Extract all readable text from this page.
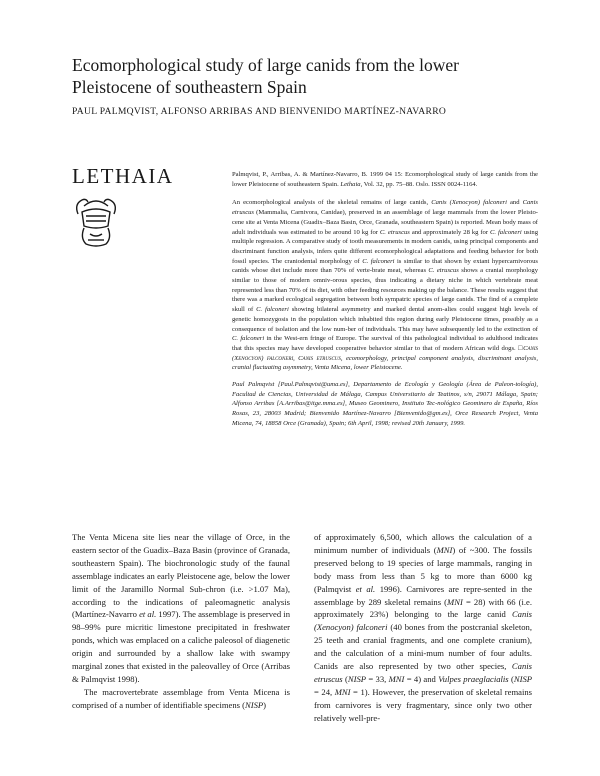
Ecomorphological study of large canids from the lower Pleistocene of southeastern Spain
PAUL PALMQVIST, ALFONSO ARRIBAS AND BIENVENIDO MARTÍNEZ-NAVARRO
LETHAIA	Palmqvist, P., Arribas, A. & Martínez-Navarro, B. 1999 04 15: Ecomorphological study of large canids from the lower Pleistocene of southeastern Spain. Lethaia, Vol. 32, pp. 75–88. Oslo. ISSN 0024-1164.

An ecomorphological analysis of the skeletal remains of large canids, Canis (Xenocyon) falconeri and Canis etruscus (Mammalia, Carnivora, Canidae), preserved in an assemblage of large mammals from the lower Pleisto-cene site at Venta Micena (Guadix–Baza Basin, Orce, Granada, southeastern Spain) is reported. Mean body mass of adult individuals was estimated to be around 10 kg for C. etruscus and approximately 28 kg for C. falconeri using multiple regression. A comparative study of tooth measurements in modern canids, using principal components and discriminant function analysis, infers quite different ecomorphological adaptations and feeding behavior for both fossil species. The craniodental morphology of C. falconeri is similar to that shown by extant hypercarnivorous canids whose diet include more than 70% of verte-brate meat, whereas C. etruscus shows a cranial morphology similar to those of modern omniv-orous species, thus indicating a dietary niche in which vertebrate meat represented less than 70% of its diet, with other feeding resources making up the balance. These results suggest that there was a marked ecological segregation between both sympatric species of large canids. The find of a complete skull of C. falconeri showing bilateral asymmetry and marked dental anom-alies could suggest high levels of genetic homozygosis in the population which inhabited this region during early Pleistocene times, possibly as a consequence of isolation and the low num-ber of individuals. This may have subsequently led to the extinction of C. falconeri in the West-ern fringe of Europe. The survival of this pathological individual to adulthood indicates that this species may have developed cooperative behavior similar to that of modern African wild dogs. □Canis (Xenocyon) falconeri, Canis etruscus, ecomorphology, principal component analysis, discriminant analysis, cranial fluctuating asymmetry, Venta Micena, lower Pleistocene.

Paul Palmqvist [Paul.Palmqvist@uma.es], Departamento de Ecología y Geología (Área de Paleon-tología), Facultad de Ciencias, Universidad de Málaga, Campus Universitario de Teatinos, s/n, 29071 Málaga, Spain; Alfonso Arribas [A.Arribas@itge.mma.es], Museo Geominero, Instituto Tec-nológico Geominero de España, Ríos Rosas, 23, 28003 Madrid; Bienvenido Martínez-Navarro [Bienvenido@gm.es], Orce Research Project, Venta Micena, 74, 18858 Orce (Granada), Spain; 6th April, 1998; revised 20th January, 1999.

The Venta Micena site lies near the village of Orce, in the eastern sector of the Guadix–Baza Basin (province of Granada, southeastern Spain). The biochronologic study of the faunal assemblage indicates an early Pleistocene age, below the lower limit of the Jaramillo Normal Sub-chron (i.e. >1.07 Ma), according to the indications of paleomagnetic analysis (Martínez-Navarro et al. 1997). The assemblage is preserved in 98–99% pure micritic limestone precipitated in freshwater ponds, which was emplaced on a caliche paleosol of diagenetic origin and surrounded by a shallow lake with swampy marginal zones that existed in the paleovalley of Orce (Arribas & Palmqvist 1998).

The macrovertebrate assemblage from Venta Micena is comprised of a number of identifiable specimens (NISP)

of approximately 6,500, which allows the calculation of a minimum number of individuals (MNI) of ~300. The fossils preserved belong to 19 species of large mammals, ranging in body mass from less than 5 kg to more than 6000 kg (Palmqvist et al. 1996). Carnivores are repre-sented in the assemblage by 289 skeletal remains (MNI = 28) with 66 (i.e. approximately 23%) belonging to the large canid Canis (Xenocyon) falconeri (40 bones from the postcranial skeleton, 25 teeth and cranial fragments, and one complete cranium), and the calculation of a mini-mum number of four adults. Canids are also represented by two other species, Canis etruscus (NISP = 33, MNI = 4) and Vulpes praeglacialis (NISP = 24, MNI = 1). However, the preservation of skeletal remains from carnivores is very fragmentary, since only two other relatively well-pre-
